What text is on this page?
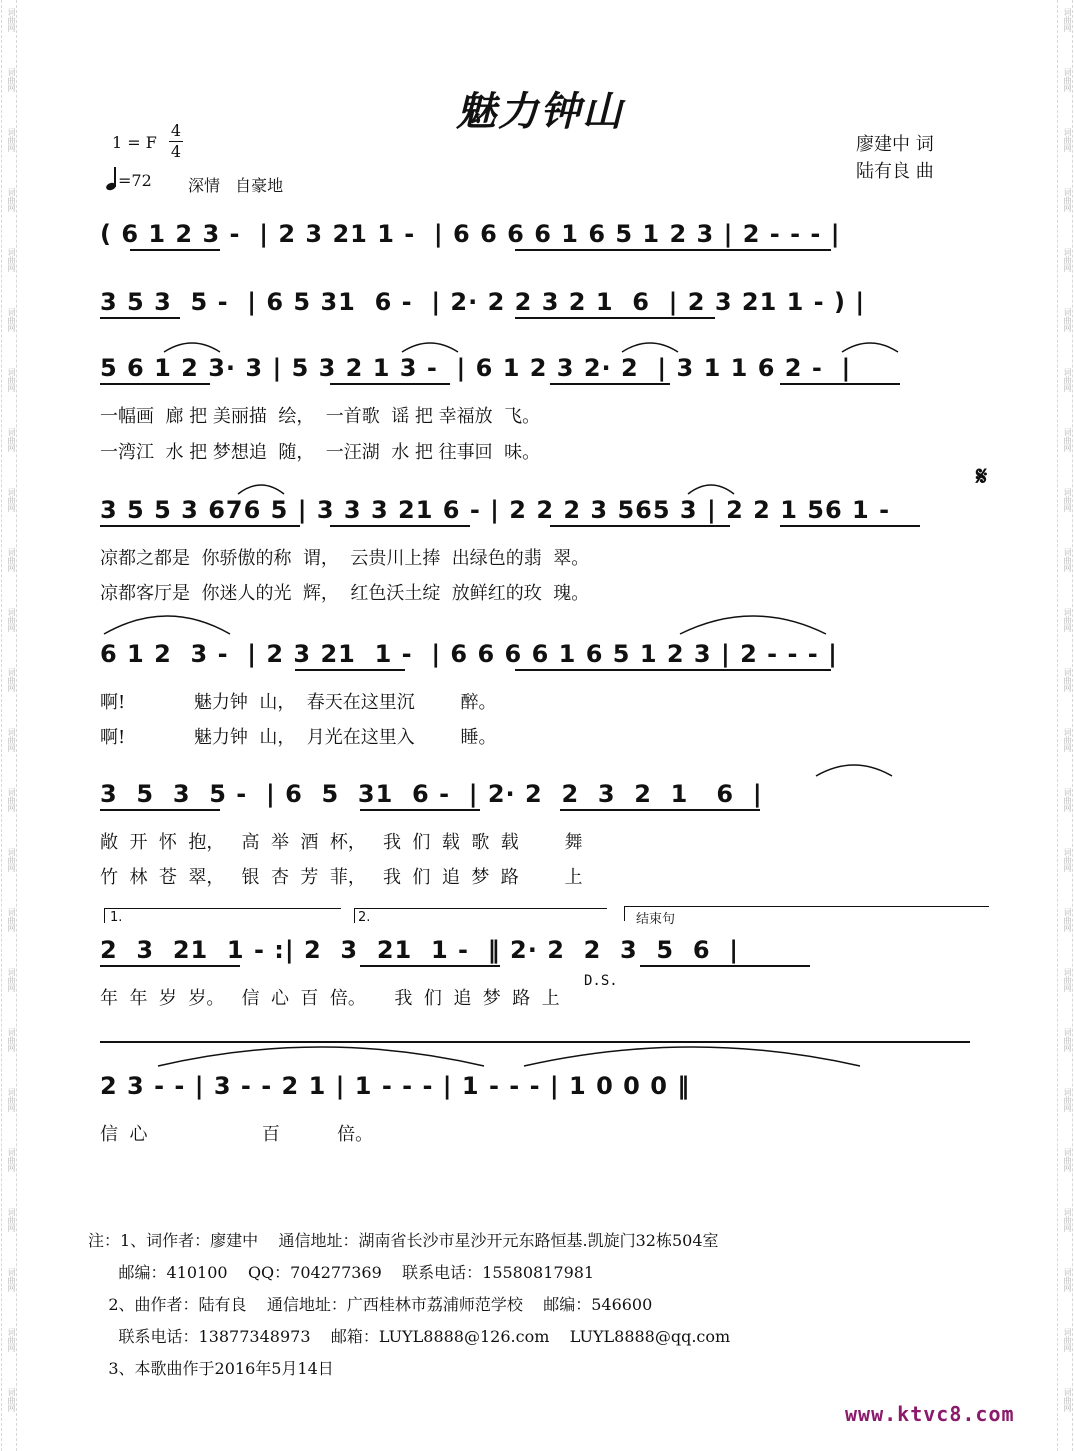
词曲网
词曲网
词曲网
词曲网
词曲网
词曲网
词曲网
词曲网
词曲网
词曲网
词曲网
词曲网
词曲网
词曲网
词曲网
词曲网
词曲网
词曲网
词曲网
词曲网
词曲网
词曲网
词曲网
词曲网
词曲网
词曲网
词曲网
词曲网
词曲网
词曲网
词曲网
词曲网
词曲网
词曲网
词曲网
词曲网
词曲网
词曲网
词曲网
词曲网
词曲网
词曲网
词曲网
词曲网
词曲网
词曲网
词曲网
词曲网
魅力钟山
1 = F
4
4
=72 深情 自豪地
廖建中 词
陆有良 曲
( 6 1 2 3 -  | 2 3 21 1 -  | 6 6 6 6 1 6 5 1 2 3 | 2 - - - |
3 5 3  5 -  | 6 5 31  6 -  | 2· 2 2 3 2 1  6  | 2 3 21 1 - ) |
5 6 1 2 3· 3 | 5 3 2 1 3 -  | 6 1 2 3 2· 2  | 3 1 1 6 2 -  |
一幅画  廊 把 美丽描  绘，  一首歌  谣 把 幸福放  飞。
一湾江  水 把 梦想追  随，  一汪湖  水 把 往事回  味。
𝄋
3 5 5 3 676 5 | 3 3 3 21 6 - | 2 2 2 3 565 3 | 2 2 1 56 1 -
凉都之都是  你骄傲的称  谓，  云贵川上捧  出绿色的翡  翠。
凉都客厅是  你迷人的光  辉，  红色沃土绽  放鲜红的玫  瑰。
6 1 2  3 -  | 2 3 21  1 -  | 6 6 6 6 1 6 5 1 2 3 | 2 - - - |
啊!            魅力钟  山，  春天在这里沉        醉。
啊!            魅力钟  山，  月光在这里入        睡。
3  5  3  5 -  | 6  5  31  6 -  | 2· 2  2  3  2  1   6  |
敞  开  怀  抱，   高  举  酒  杯，   我  们  载  歌  载        舞
竹  林  苍  翠，   银  杏  芳  菲，   我  们  追  梦  路        上
1.	2.	结束句
2  3  21  1 - :| 2  3  21  1 -  ‖ 2· 2  2  3  5  6  |
年  年  岁  岁。   信  心  百  倍。     我  们  追  梦  路  上
D.S.
2 3 - - | 3 - - 2 1 | 1 - - - | 1 - - - | 1 0 0 0 ‖
信  心                    百          倍。
注：1、词作者：廖建中    通信地址：湖南省长沙市星沙开元东路恒基.凯旋门32栋504室
邮编：410100    QQ：704277369    联系电话：15580817981
2、曲作者：陆有良    通信地址：广西桂林市荔浦师范学校    邮编：546600
联系电话：13877348973    邮箱：LUYL8888@126.com    LUYL8888@qq.com
3、本歌曲作于2016年5月14日
www.ktvc8.com
